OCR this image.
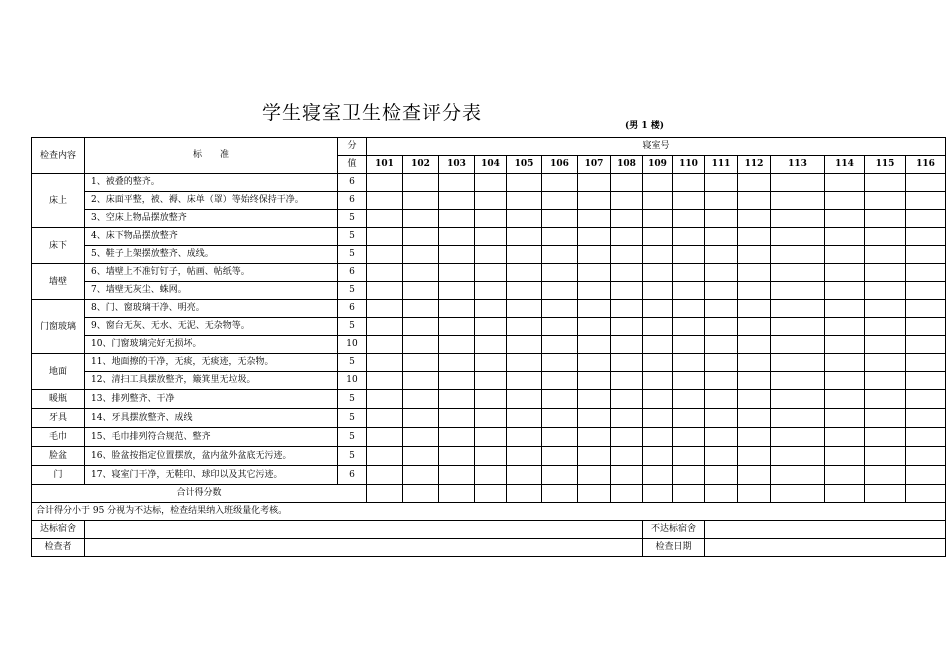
学生寝室卫生检查评分表
(男 1 楼)
检查内容	标　　准	分	寝室号															
		值	101	102	103	104	105	106	107	108	109	110	111	112	113	114	115	116
床上	1、被叠的整齐。	6																
	2、床面平整，被、褥、床单（罩）等始终保持干净。	6																
	3、空床上物品摆放整齐	5																
床下	4、床下物品摆放整齐	5																
	5、鞋子上架摆放整齐、成线。	5																
墙壁	6、墙壁上不准钉钉子，帖画、帖纸等。	6																
	7、墙壁无灰尘、蛛网。	5																
门窗玻璃	8、门、窗玻璃干净、明亮。	6																
	9、窗台无灰、无水、无泥、无杂物等。	5																
	10、门窗玻璃完好无损坏。	10																
地面	11、地面擦的干净，无痰，无痰迹，无杂物。	5																
	12、清扫工具摆放整齐，簸箕里无垃圾。	10																
暖瓶	13、排列整齐、干净	5																
牙具	14、牙具摆放整齐、成线	5																
毛巾	15、毛巾排列符合规范、整齐	5																
脸盆	16、脸盆按指定位置摆放，盆内盆外盆底无污迹。	5																
门	17、寝室门干净，无鞋印、球印以及其它污迹。	6																
合计得分数																		
合计得分小于 95 分视为不达标，检查结果纳入班级量化考核。																		
达标宿舍											不达标宿舍							
检查者											检查日期							
